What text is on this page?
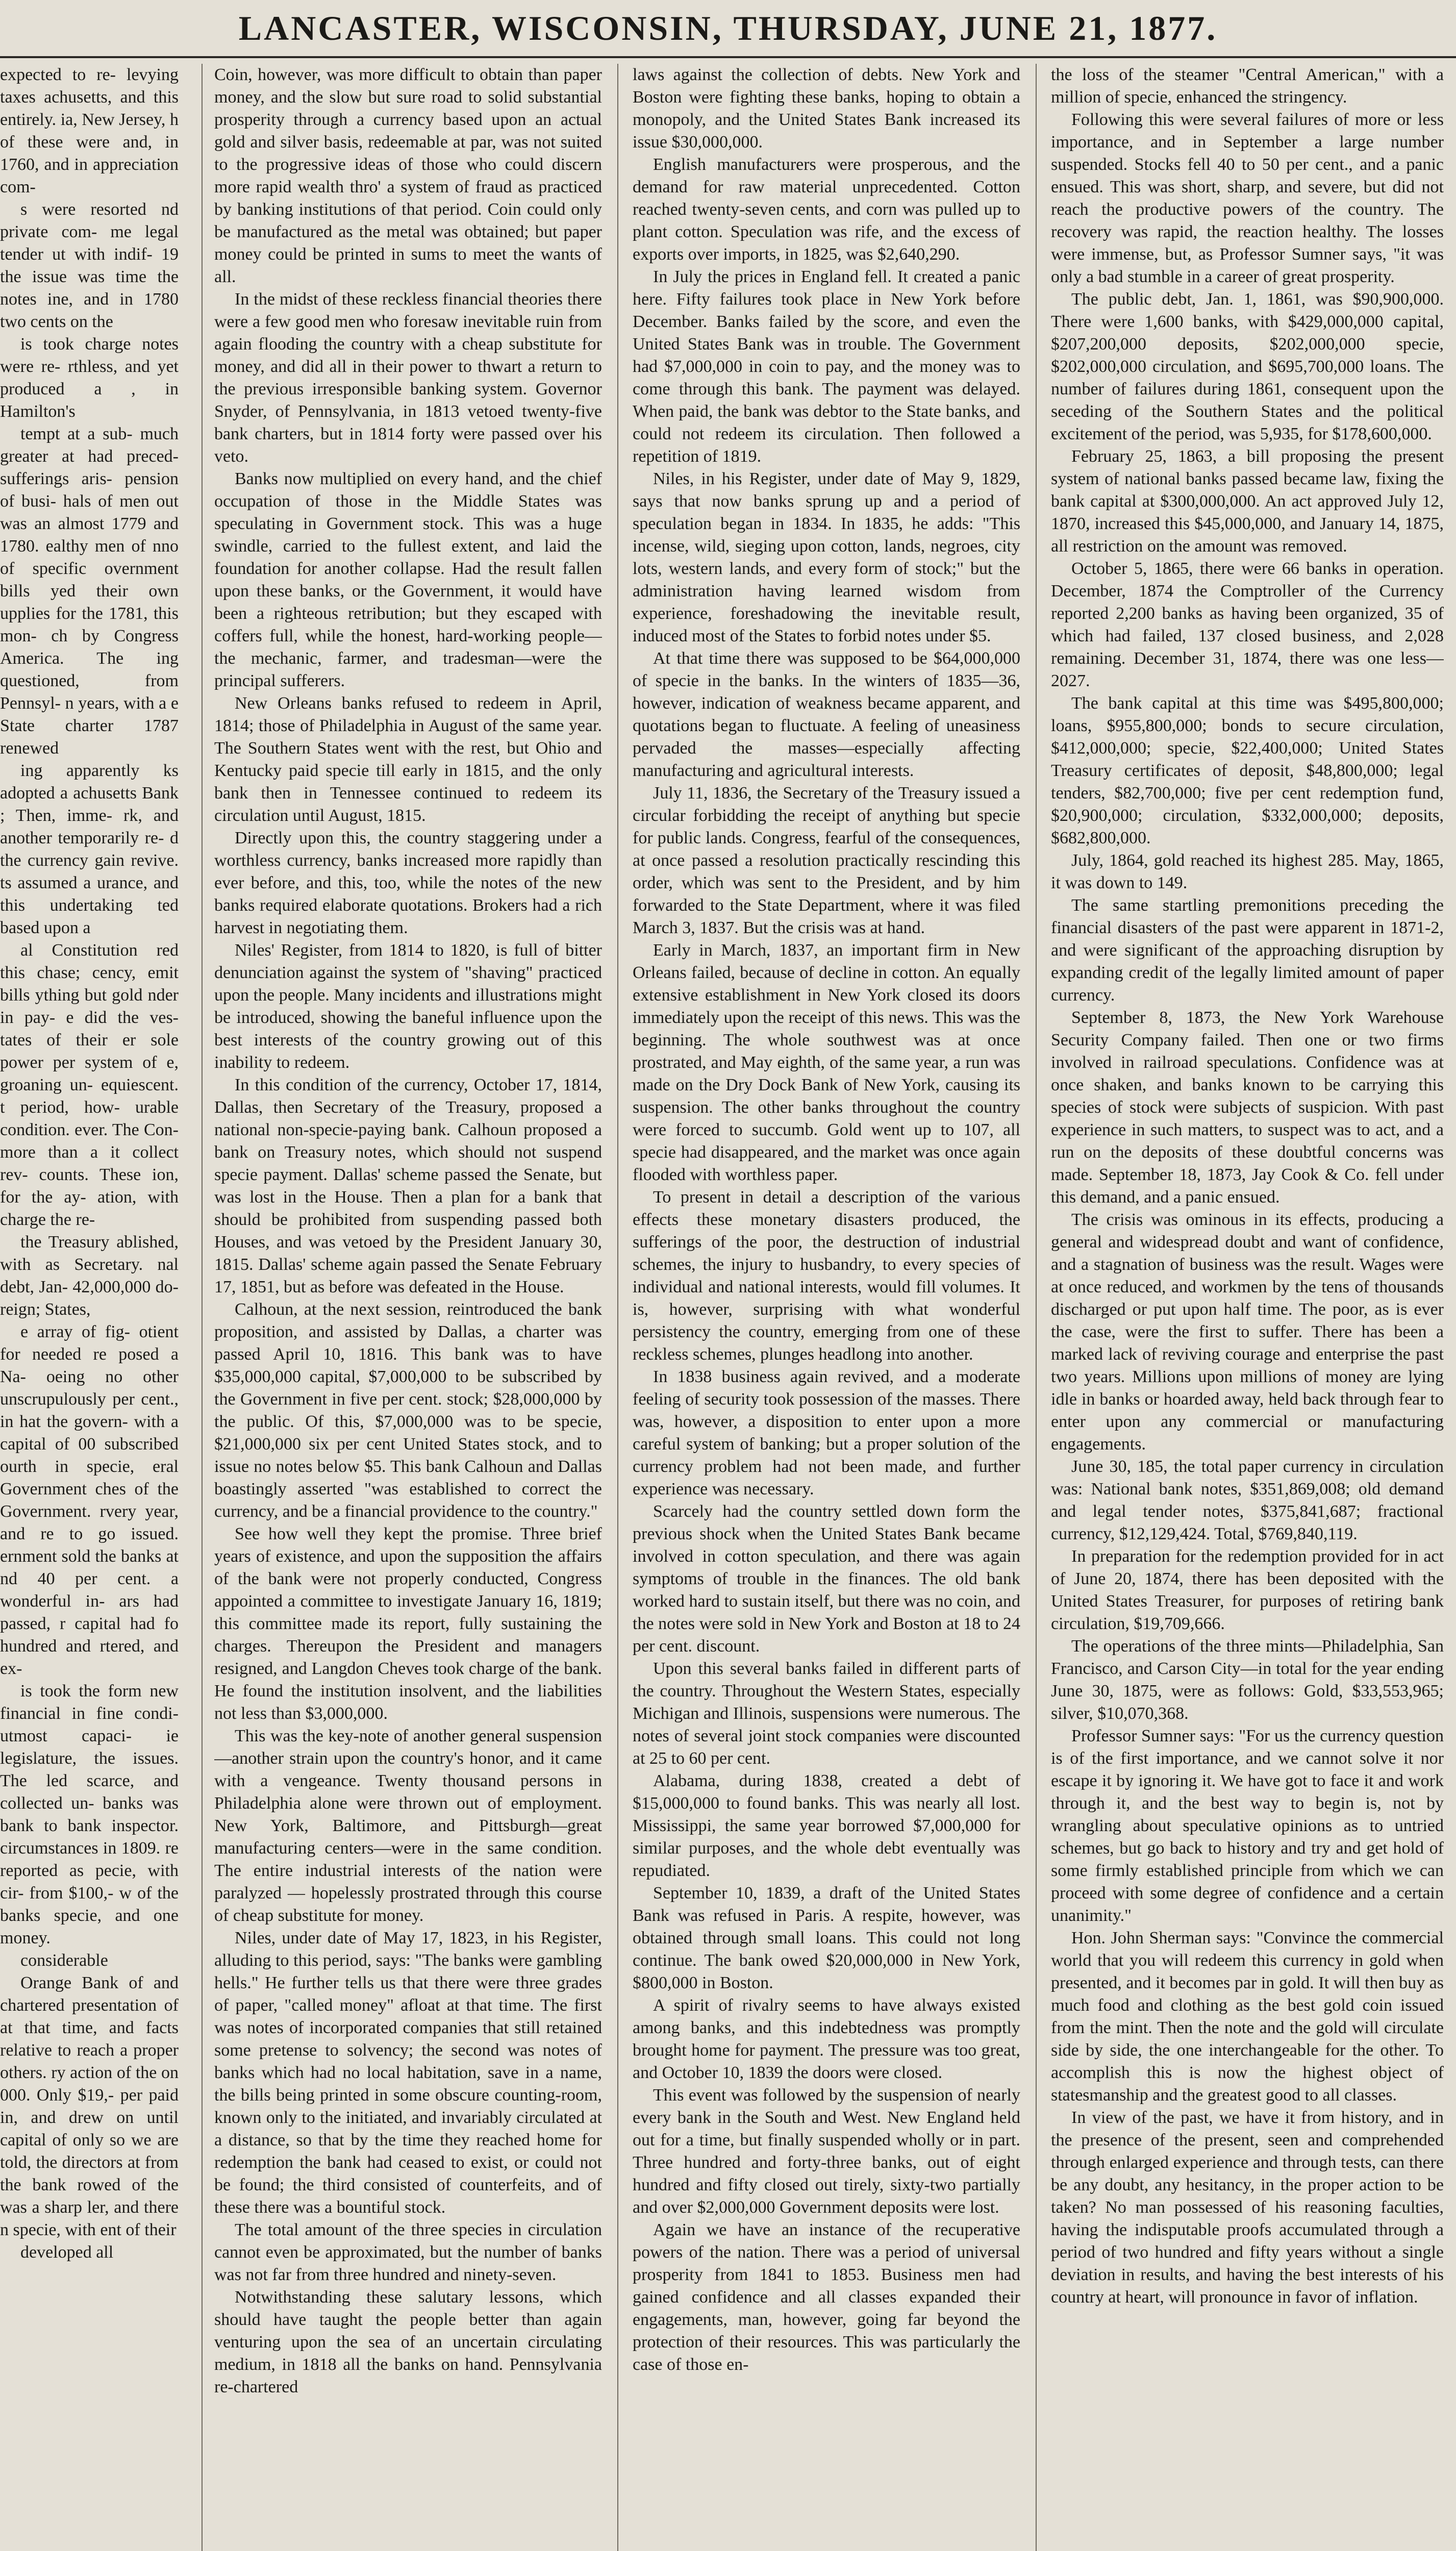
LANCASTER, WISCONSIN, THURSDAY, JUNE 21, 1877.

expected to re- levying taxes achusetts, and this entirely. ia, New Jersey, h of these were and, in 1760, and in appreciation com-

s were resorted nd private com- me legal tender ut with indif- 19 the issue was time the notes ine, and in 1780 two cents on the

is took charge notes were re- rthless, and yet produced a , in Hamilton's

tempt at a sub- much greater at had preced- sufferings aris- pension of busi- hals of men out was an almost 1779 and 1780. ealthy men of nno of specific overnment bills yed their own upplies for the 1781, this mon- ch by Congress America. The ing questioned, from Pennsyl- n years, with a e State charter 1787 renewed

ing apparently ks adopted a achusetts Bank ; Then, imme- rk, and another temporarily re- d the currency gain revive. ts assumed a urance, and this undertaking ted based upon a

al Constitution red this chase; cency, emit bills ything but gold nder in pay- e did the ves- tates of their er sole power per system of e, groaning un- equiescent. t period, how- urable condition. ever. The Con- more than a it collect rev- counts. These ion, for the ay- ation, with charge the re-

the Treasury ablished, with as Secretary. nal debt, Jan- 42,000,000 do- reign; States,

e array of fig- otient for needed re posed a Na- oeing no other unscrupulously per cent., in hat the govern- with a capital of 00 subscribed ourth in specie, eral Government ches of the Government. rvery year, and re to go issued. ernment sold the banks at nd 40 per cent. a wonderful in- ars had passed, r capital had fo hundred and rtered, and ex-

is took the form new financial in fine condi- utmost capaci- ie legislature, the issues. The led scarce, and collected un- banks was bank to bank inspector. circumstances in 1809. re reported as pecie, with cir- from $100,- w of the banks specie, and one money.

considerable

Orange Bank of and chartered presentation of at that time, and facts relative to reach a proper others. ry action of the on 000. Only $19,- per paid in, and drew on until capital of only so we are told, the directors at from the bank rowed of the was a sharp ler, and there n specie, with ent of their

developed all

Coin, however, was more difficult to obtain than paper money, and the slow but sure road to solid substantial prosperity through a currency based upon an actual gold and silver basis, redeemable at par, was not suited to the progressive ideas of those who could discern more rapid wealth thro' a system of fraud as practiced by banking institutions of that period. Coin could only be manufactured as the metal was obtained; but paper money could be printed in sums to meet the wants of all.

In the midst of these reckless financial theories there were a few good men who foresaw inevitable ruin from again flooding the country with a cheap substitute for money, and did all in their power to thwart a return to the previous irresponsible banking system. Governor Snyder, of Pennsylvania, in 1813 vetoed twenty-five bank charters, but in 1814 forty were passed over his veto.

Banks now multiplied on every hand, and the chief occupation of those in the Middle States was speculating in Government stock. This was a huge swindle, carried to the fullest extent, and laid the foundation for another collapse. Had the result fallen upon these banks, or the Government, it would have been a righteous retribution; but they escaped with coffers full, while the honest, hard-working people—the mechanic, farmer, and tradesman—were the principal sufferers.

New Orleans banks refused to redeem in April, 1814; those of Philadelphia in August of the same year. The Southern States went with the rest, but Ohio and Kentucky paid specie till early in 1815, and the only bank then in Tennessee continued to redeem its circulation until August, 1815.

Directly upon this, the country staggering under a worthless currency, banks increased more rapidly than ever before, and this, too, while the notes of the new banks required elaborate quotations. Brokers had a rich harvest in negotiating them.

Niles' Register, from 1814 to 1820, is full of bitter denunciation against the system of "shaving" practiced upon the people. Many incidents and illustrations might be introduced, showing the baneful influence upon the best interests of the country growing out of this inability to redeem.

In this condition of the currency, October 17, 1814, Dallas, then Secretary of the Treasury, proposed a national non-specie-paying bank. Calhoun proposed a bank on Treasury notes, which should not suspend specie payment. Dallas' scheme passed the Senate, but was lost in the House. Then a plan for a bank that should be prohibited from suspending passed both Houses, and was vetoed by the President January 30, 1815. Dallas' scheme again passed the Senate February 17, 1851, but as before was defeated in the House.

Calhoun, at the next session, reintroduced the bank proposition, and assisted by Dallas, a charter was passed April 10, 1816. This bank was to have $35,000,000 capital, $7,000,000 to be subscribed by the Government in five per cent. stock; $28,000,000 by the public. Of this, $7,000,000 was to be specie, $21,000,000 six per cent United States stock, and to issue no notes below $5. This bank Calhoun and Dallas boastingly asserted "was established to correct the currency, and be a financial providence to the country."

See how well they kept the promise. Three brief years of existence, and upon the supposition the affairs of the bank were not properly conducted, Congress appointed a committee to investigate January 16, 1819; this committee made its report, fully sustaining the charges. Thereupon the President and managers resigned, and Langdon Cheves took charge of the bank. He found the institution insolvent, and the liabilities not less than $3,000,000.

This was the key-note of another general suspension—another strain upon the country's honor, and it came with a vengeance. Twenty thousand persons in Philadelphia alone were thrown out of employment. New York, Baltimore, and Pittsburgh—great manufacturing centers—were in the same condition. The entire industrial interests of the nation were paralyzed — hopelessly prostrated through this course of cheap substitute for money.

Niles, under date of May 17, 1823, in his Register, alluding to this period, says: "The banks were gambling hells." He further tells us that there were three grades of paper, "called money" afloat at that time. The first was notes of incorporated companies that still retained some pretense to solvency; the second was notes of banks which had no local habitation, save in a name, the bills being printed in some obscure counting-room, known only to the initiated, and invariably circulated at a distance, so that by the time they reached home for redemption the bank had ceased to exist, or could not be found; the third consisted of counterfeits, and of these there was a bountiful stock.

The total amount of the three species in circulation cannot even be approximated, but the number of banks was not far from three hundred and ninety-seven.

Notwithstanding these salutary lessons, which should have taught the people better than again venturing upon the sea of an uncertain circulating medium, in 1818 all the banks on hand. Pennsylvania re-chartered

laws against the collection of debts. New York and Boston were fighting these banks, hoping to obtain a monopoly, and the United States Bank increased its issue $30,000,000.

English manufacturers were prosperous, and the demand for raw material unprecedented. Cotton reached twenty-seven cents, and corn was pulled up to plant cotton. Speculation was rife, and the excess of exports over imports, in 1825, was $2,640,290.

In July the prices in England fell. It created a panic here. Fifty failures took place in New York before December. Banks failed by the score, and even the United States Bank was in trouble. The Government had $7,000,000 in coin to pay, and the money was to come through this bank. The payment was delayed. When paid, the bank was debtor to the State banks, and could not redeem its circulation. Then followed a repetition of 1819.

Niles, in his Register, under date of May 9, 1829, says that now banks sprung up and a period of speculation began in 1834. In 1835, he adds: "This incense, wild, sieging upon cotton, lands, negroes, city lots, western lands, and every form of stock;" but the administration having learned wisdom from experience, foreshadowing the inevitable result, induced most of the States to forbid notes under $5.

At that time there was supposed to be $64,000,000 of specie in the banks. In the winters of 1835—36, however, indication of weakness became apparent, and quotations began to fluctuate. A feeling of uneasiness pervaded the masses—especially affecting manufacturing and agricultural interests.

July 11, 1836, the Secretary of the Treasury issued a circular forbidding the receipt of anything but specie for public lands. Congress, fearful of the consequences, at once passed a resolution practically rescinding this order, which was sent to the President, and by him forwarded to the State Department, where it was filed March 3, 1837. But the crisis was at hand.

Early in March, 1837, an important firm in New Orleans failed, because of decline in cotton. An equally extensive establishment in New York closed its doors immediately upon the receipt of this news. This was the beginning. The whole southwest was at once prostrated, and May eighth, of the same year, a run was made on the Dry Dock Bank of New York, causing its suspension. The other banks throughout the country were forced to succumb. Gold went up to 107, all specie had disappeared, and the market was once again flooded with worthless paper.

To present in detail a description of the various effects these monetary disasters produced, the sufferings of the poor, the destruction of industrial schemes, the injury to husbandry, to every species of individual and national interests, would fill volumes. It is, however, surprising with what wonderful persistency the country, emerging from one of these reckless schemes, plunges headlong into another.

In 1838 business again revived, and a moderate feeling of security took possession of the masses. There was, however, a disposition to enter upon a more careful system of banking; but a proper solution of the currency problem had not been made, and further experience was necessary.

Scarcely had the country settled down form the previous shock when the United States Bank became involved in cotton speculation, and there was again symptoms of trouble in the finances. The old bank worked hard to sustain itself, but there was no coin, and the notes were sold in New York and Boston at 18 to 24 per cent. discount.

Upon this several banks failed in different parts of the country. Throughout the Western States, especially Michigan and Illinois, suspensions were numerous. The notes of several joint stock companies were discounted at 25 to 60 per cent.

Alabama, during 1838, created a debt of $15,000,000 to found banks. This was nearly all lost. Mississippi, the same year borrowed $7,000,000 for similar purposes, and the whole debt eventually was repudiated.

September 10, 1839, a draft of the United States Bank was refused in Paris. A respite, however, was obtained through small loans. This could not long continue. The bank owed $20,000,000 in New York, $800,000 in Boston.

A spirit of rivalry seems to have always existed among banks, and this indebtedness was promptly brought home for payment. The pressure was too great, and October 10, 1839 the doors were closed.

This event was followed by the suspension of nearly every bank in the South and West. New England held out for a time, but finally suspended wholly or in part. Three hundred and forty-three banks, out of eight hundred and fifty closed out tirely, sixty-two partially and over $2,000,000 Government deposits were lost.

Again we have an instance of the recuperative powers of the nation. There was a period of universal prosperity from 1841 to 1853. Business men had gained confidence and all classes expanded their engagements, man, however, going far beyond the protection of their resources. This was particularly the case of those en-

the loss of the steamer "Central American," with a million of specie, enhanced the stringency.

Following this were several failures of more or less importance, and in September a large number suspended. Stocks fell 40 to 50 per cent., and a panic ensued. This was short, sharp, and severe, but did not reach the productive powers of the country. The recovery was rapid, the reaction healthy. The losses were immense, but, as Professor Sumner says, "it was only a bad stumble in a career of great prosperity.

The public debt, Jan. 1, 1861, was $90,900,000. There were 1,600 banks, with $429,000,000 capital, $207,200,000 deposits, $202,000,000 specie, $202,000,000 circulation, and $695,700,000 loans. The number of failures during 1861, consequent upon the seceding of the Southern States and the political excitement of the period, was 5,935, for $178,600,000.

February 25, 1863, a bill proposing the present system of national banks passed became law, fixing the bank capital at $300,000,000. An act approved July 12, 1870, increased this $45,000,000, and January 14, 1875, all restriction on the amount was removed.

October 5, 1865, there were 66 banks in operation. December, 1874 the Comptroller of the Currency reported 2,200 banks as having been organized, 35 of which had failed, 137 closed business, and 2,028 remaining. December 31, 1874, there was one less—2027.

The bank capital at this time was $495,800,000; loans, $955,800,000; bonds to secure circulation, $412,000,000; specie, $22,400,000; United States Treasury certificates of deposit, $48,800,000; legal tenders, $82,700,000; five per cent redemption fund, $20,900,000; circulation, $332,000,000; deposits, $682,800,000.

July, 1864, gold reached its highest 285. May, 1865, it was down to 149.

The same startling premonitions preceding the financial disasters of the past were apparent in 1871-2, and were significant of the approaching disruption by expanding credit of the legally limited amount of paper currency.

September 8, 1873, the New York Warehouse Security Company failed. Then one or two firms involved in railroad speculations. Confidence was at once shaken, and banks known to be carrying this species of stock were subjects of suspicion. With past experience in such matters, to suspect was to act, and a run on the deposits of these doubtful concerns was made. September 18, 1873, Jay Cook & Co. fell under this demand, and a panic ensued.

The crisis was ominous in its effects, producing a general and widespread doubt and want of confidence, and a stagnation of business was the result. Wages were at once reduced, and workmen by the tens of thousands discharged or put upon half time. The poor, as is ever the case, were the first to suffer. There has been a marked lack of reviving courage and enterprise the past two years. Millions upon millions of money are lying idle in banks or hoarded away, held back through fear to enter upon any commercial or manufacturing engagements.

June 30, 185, the total paper currency in circulation was: National bank notes, $351,869,008; old demand and legal tender notes, $375,841,687; fractional currency, $12,129,424. Total, $769,840,119.

In preparation for the redemption provided for in act of June 20, 1874, there has been deposited with the United States Treasurer, for purposes of retiring bank circulation, $19,709,666.

The operations of the three mints—Philadelphia, San Francisco, and Carson City—in total for the year ending June 30, 1875, were as follows: Gold, $33,553,965; silver, $10,070,368.

Professor Sumner says: "For us the currency question is of the first importance, and we cannot solve it nor escape it by ignoring it. We have got to face it and work through it, and the best way to begin is, not by wrangling about speculative opinions as to untried schemes, but go back to history and try and get hold of some firmly established principle from which we can proceed with some degree of confidence and a certain unanimity."

Hon. John Sherman says: "Convince the commercial world that you will redeem this currency in gold when presented, and it becomes par in gold. It will then buy as much food and clothing as the best gold coin issued from the mint. Then the note and the gold will circulate side by side, the one interchangeable for the other. To accomplish this is now the highest object of statesmanship and the greatest good to all classes.

In view of the past, we have it from history, and in the presence of the present, seen and comprehended through enlarged experience and through tests, can there be any doubt, any hesitancy, in the proper action to be taken? No man possessed of his reasoning faculties, having the indisputable proofs accumulated through a period of two hundred and fifty years without a single deviation in results, and having the best interests of his country at heart, will pronounce in favor of inflation.
